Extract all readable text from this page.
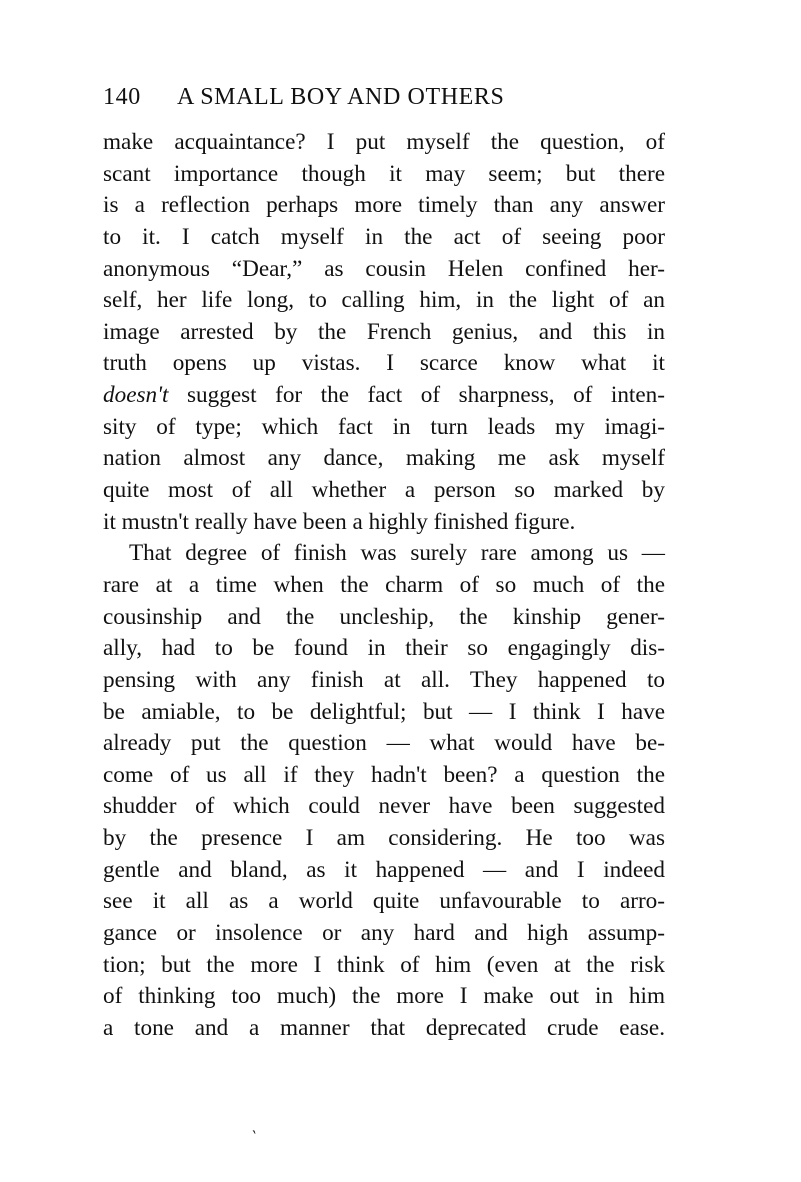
140 A SMALL BOY AND OTHERS
make acquaintance? I put myself the question, of
scant importance though it may seem; but there
is a reflection perhaps more timely than any answer
to it. I catch myself in the act of seeing poor
anonymous “Dear,” as cousin Helen confined her-
self, her life long, to calling him, in the light of an
image arrested by the French genius, and this in
truth opens up vistas. I scarce know what it
doesn't suggest for the fact of sharpness, of inten-
sity of type; which fact in turn leads my imagi-
nation almost any dance, making me ask myself
quite most of all whether a person so marked by
it mustn't really have been a highly finished figure.
That degree of finish was surely rare among us —
rare at a time when the charm of so much of the
cousinship and the uncleship, the kinship gener-
ally, had to be found in their so engagingly dis-
pensing with any finish at all. They happened to
be amiable, to be delightful; but — I think I have
already put the question — what would have be-
come of us all if they hadn't been? a question the
shudder of which could never have been suggested
by the presence I am considering. He too was
gentle and bland, as it happened — and I indeed
see it all as a world quite unfavourable to arro-
gance or insolence or any hard and high assump-
tion; but the more I think of him (even at the risk
of thinking too much) the more I make out in him
a tone and a manner that deprecated crude ease.
ˎ
